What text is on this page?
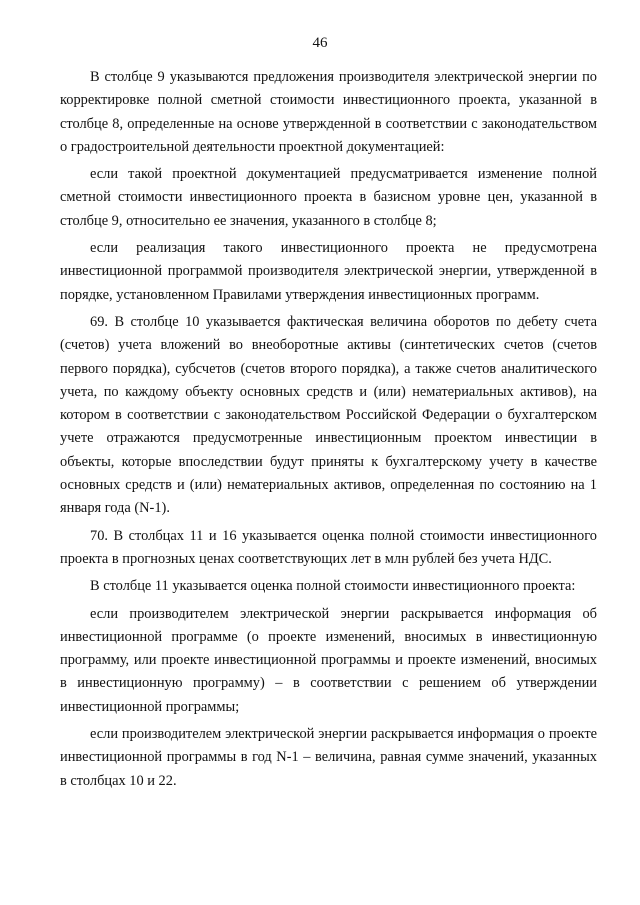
46

В столбце 9 указываются предложения производителя электрической энергии по корректировке полной сметной стоимости инвестиционного проекта, указанной в столбце 8, определенные на основе утвержденной в соответствии с законодательством о градостроительной деятельности проектной документацией:

если такой проектной документацией предусматривается изменение полной сметной стоимости инвестиционного проекта в базисном уровне цен, указанной в столбце 9, относительно ее значения, указанного в столбце 8;

если реализация такого инвестиционного проекта не предусмотрена инвестиционной программой производителя электрической энергии, утвержденной в порядке, установленном Правилами утверждения инвестиционных программ.

69. В столбце 10 указывается фактическая величина оборотов по дебету счета (счетов) учета вложений во внеоборотные активы (синтетических счетов (счетов первого порядка), субсчетов (счетов второго порядка), а также счетов аналитического учета, по каждому объекту основных средств и (или) нематериальных активов), на котором в соответствии с законодательством Российской Федерации о бухгалтерском учете отражаются предусмотренные инвестиционным проектом инвестиции в объекты, которые впоследствии будут приняты к бухгалтерскому учету в качестве основных средств и (или) нематериальных активов, определенная по состоянию на 1 января года (N-1).

70. В столбцах 11 и 16 указывается оценка полной стоимости инвестиционного проекта в прогнозных ценах соответствующих лет в млн рублей без учета НДС.

В столбце 11 указывается оценка полной стоимости инвестиционного проекта:

если производителем электрической энергии раскрывается информация об инвестиционной программе (о проекте изменений, вносимых в инвестиционную программу, или проекте инвестиционной программы и проекте изменений, вносимых в инвестиционную программу) – в соответствии с решением об утверждении инвестиционной программы;

если производителем электрической энергии раскрывается информация о проекте инвестиционной программы в год N-1 – величина, равная сумме значений, указанных в столбцах 10 и 22.
